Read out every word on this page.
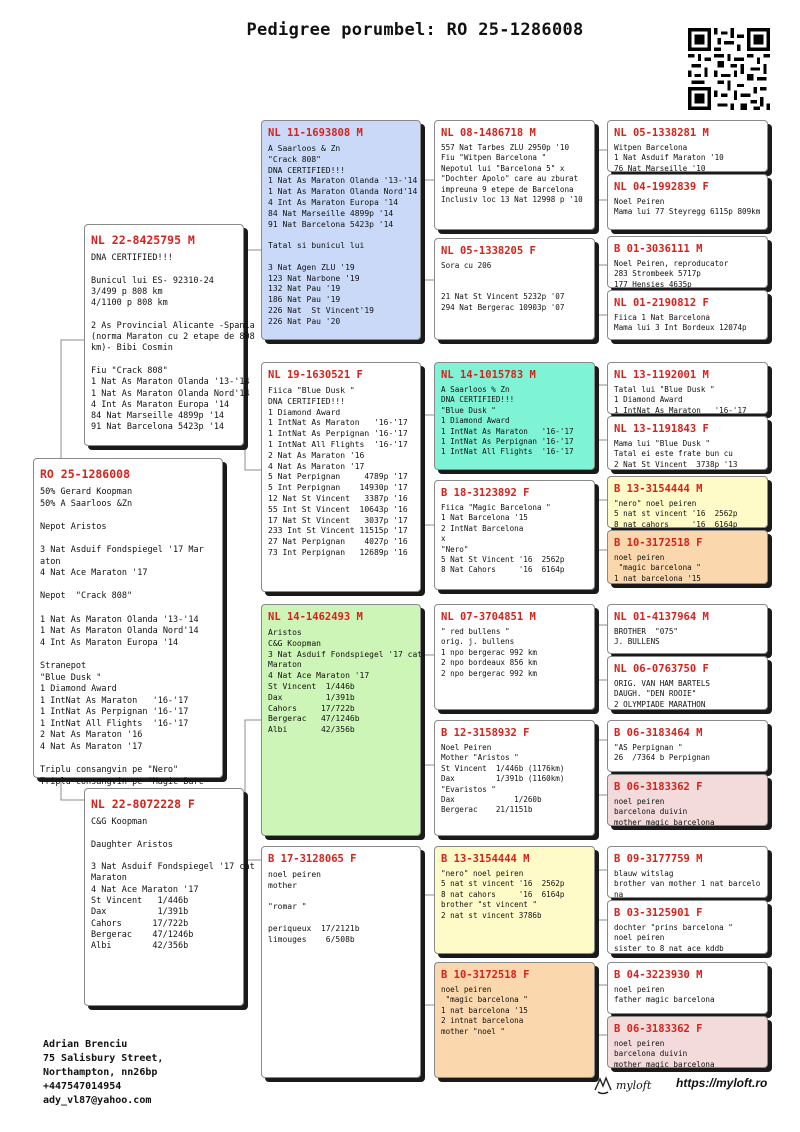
Pedigree porumbel: RO 25-1286008
RO 25-1286008
50% Gerard Koopman
50% A Saarloos &Zn

Nepot Aristos

3 Nat Asduif Fondspiegel '17 Mar
aton
4 Nat Ace Maraton '17

Nepot  "Crack 808"

1 Nat As Maraton Olanda '13-'14
1 Nat As Maraton Olanda Nord'14
4 Int As Maraton Europa '14

Stranepot
"Blue Dusk "
1 Diamond Award
1 IntNat As Maraton   '16-'17
1 IntNat As Perpignan '16-'17
1 IntNat All Flights  '16-'17
2 Nat As Maraton '16
4 Nat As Maraton '17

Triplu consangvin pe "Nero"
Triplu consangvin pe "Magic Barc
NL 22-8425795 M
DNA CERTIFIED!!!

Bunicul lui ES- 92310-24
3/499 p 808 km
4/1100 p 808 km

2 As Provincial Alicante -Spania
(norma Maraton cu 2 etape de 808
km)- Bibi Cosmin

Fiu "Crack 808"
1 Nat As Maraton Olanda '13-'14
1 Nat As Maraton Olanda Nord'14
4 Int As Maraton Europa '14
84 Nat Marseille 4899p '14
91 Nat Barcelona 5423p '14
NL 22-8072228 F
C&G Koopman

Daughter Aristos

3 Nat Asduif Fondspiegel '17 cat
Maraton
4 Nat Ace Maraton '17
St Vincent   1/446b
Dax          1/391b
Cahors      17/722b
Bergerac    47/1246b
Albi        42/356b
NL 11-1693808 M
A Saarloos & Zn
"Crack 808"
DNA CERTIFIED!!!
1 Nat As Maraton Olanda '13-'14
1 Nat As Maraton Olanda Nord'14
4 Int As Maraton Europa '14
84 Nat Marseille 4899p '14
91 Nat Barcelona 5423p '14

Tatal si bunicul lui

3 Nat Agen ZLU '19
123 Nat Narbone '19
132 Nat Pau '19
186 Nat Pau '19
226 Nat  St Vincent'19
226 Nat Pau '20
NL 19-1630521 F
Fiica "Blue Dusk "
DNA CERTIFIED!!!
1 Diamond Award
1 IntNat As Maraton   '16-'17
1 IntNat As Perpignan '16-'17
1 IntNat All Flights  '16-'17
2 Nat As Maraton '16
4 Nat As Maraton '17
5 Nat Perpignan     4789p '17
5 Int Perpignan    14930p '17
12 Nat St Vincent   3387p '16
55 Int St Vincent  10643p '16
17 Nat St Vincent   3037p '17
233 Int St Vincent 11515p '17
27 Nat Perpignan    4027p '16
73 Int Perpignan   12689p '16
NL 14-1462493 M
Aristos
C&G Koopman
3 Nat Asduif Fondspiegel '17 cat
Maraton
4 Nat Ace Maraton '17
St Vincent  1/446b
Dax         1/391b
Cahors     17/722b
Bergerac   47/1246b
Albi       42/356b
B 17-3128065 F
noel peiren
mother

"romar "

periqueux  17/2121b
limouges    6/508b
NL 08-1486718 M
557 Nat Tarbes ZLU 2950p '10
Fiu "Witpen Barcelona "
Nepotul lui "Barcelona 5" x
"Dochter Apolo" care au zburat
impreuna 9 etepe de Barcelona
Inclusiv loc 13 Nat 12998 p '10
NL 05-1338205 F
Sora cu 206

21 Nat St Vincent 5232p '07
294 Nat Bergerac 10903p '07
NL 14-1015783 M
A Saarloos % Zn
DNA CERTIFIED!!!
"Blue Dusk "
1 Diamond Award
1 IntNat As Maraton   '16-'17
1 IntNat As Perpignan '16-'17
1 IntNat All Flights  '16-'17
B 18-3123892 F
Fiica "Magic Barcelona "
1 Nat Barcelona '15
2 IntNat Barcelona
x
"Nero"
5 Nat St Vincent '16  2562p
8 Nat Cahors     '16  6164p
NL 07-3704851 M
" red bullens "
orig. j. bullens
1 npo bergerac 992 km
2 npo bordeaux 856 km
2 npo bergerac 992 km
B 12-3158932 F
Noel Peiren
Mother "Aristos "
St Vincent  1/446b (1176km)
Dax         1/391b (1160km)
"Evaristos "
Dax             1/260b
Bergerac    21/1151b
B 13-3154444 M
"nero" noel peiren
5 nat st vincent '16  2562p
8 nat cahors     '16  6164p
brother "st vincent "
2 nat st vincent 3786b
B 10-3172518 F
noel peiren
"magic barcelona "
1 nat barcelona '15
2 intnat barcelona
mother "noel "
NL 05-1338281 M
Witpen Barcelona
1 Nat Asduif Maraton '10
76 Nat Marseille '10
NL 04-1992839 F
Noel Peiren
Mama lui 77 Steyregg 6115p 809km
B 01-3036111 M
Noel Peiren, reproducator
283 Strombeek 5717p
177 Hensies 4635p
NL 01-2190812 F
Fiica 1 Nat Barcelona
Mama lui 3 Int Bordeux 12074p
NL 13-1192001 M
Tatal lui "Blue Dusk "
1 Diamond Award
1 IntNat As Maraton   '16-'17
NL 13-1191843 F
Mama lui "Blue Dusk "
Tatal ei este frate bun cu
2 Nat St Vincent  3738p '13
B 13-3154444 M
"nero" noel peiren
5 nat st vincent '16  2562p
8 nat cahors     '16  6164p
B 10-3172518 F
noel peiren
"magic barcelona "
1 nat barcelona '15
NL 01-4137964 M
BROTHER  "075"
J. BULLENS
NL 06-0763750 F
ORIG. VAN HAM BARTELS
DAUGH. "DEN ROOIE"
2 OLYMPIADE MARATHON
B 06-3183464 M
"AS Perpignan "
26  /7364 b Perpignan
B 06-3183362 F
noel peiren
barcelona duivin
mother magic barcelona
B 09-3177759 M
blauw witslag
brother van mother 1 nat barcelo
na
B 03-3125901 F
dochter "prins barcelona "
noel peiren
sister to 8 nat ace kddb
B 04-3223930 M
noel peiren
father magic barcelona
B 06-3183362 F
noel peiren
barcelona duivin
mother magic barcelona
Adrian Brenciu
75 Salisbury Street,
Northampton, nn26bp
+447547014954
ady_vl87@yahoo.com
myloft https://myloft.ro
